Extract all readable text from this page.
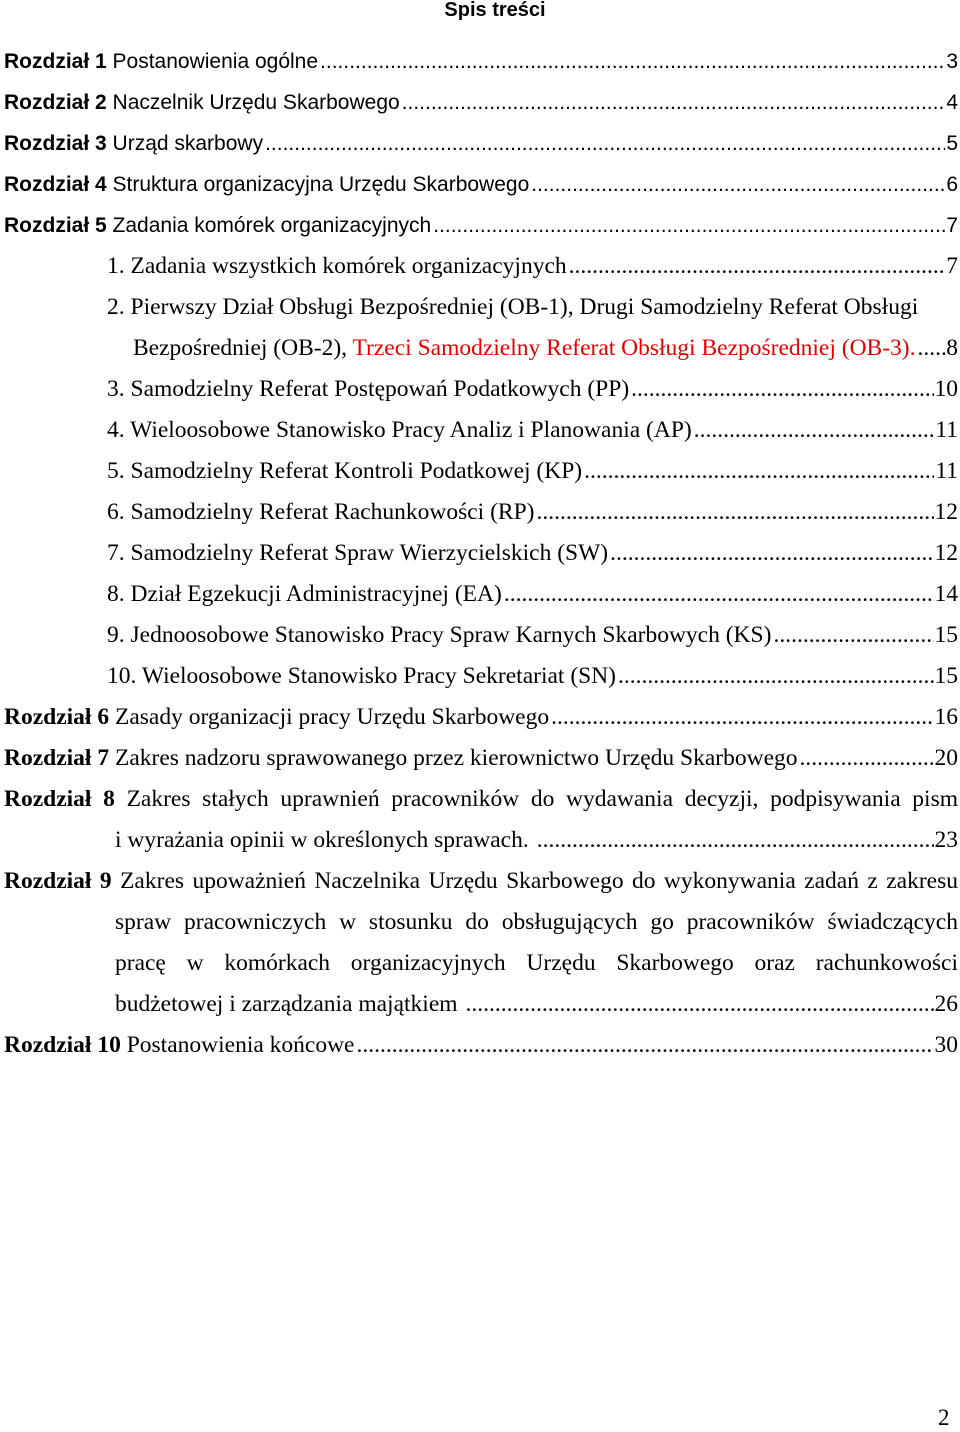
Spis treści
Rozdział 1 Postanowienia ogólne .....	3
Rozdział 2 Naczelnik Urzędu Skarbowego .....	4
Rozdział 3 Urząd skarbowy .....	5
Rozdział 4 Struktura organizacyjna Urzędu Skarbowego .....	6
Rozdział 5 Zadania komórek organizacyjnych .....	7
1. Zadania wszystkich komórek organizacyjnych .....	7
2. Pierwszy Dział Obsługi Bezpośredniej (OB-1), Drugi Samodzielny Referat Obsługi
Bezpośredniej (OB-2), Trzeci Samodzielny Referat Obsługi Bezpośredniej (OB-3). ..... 8
3. Samodzielny Referat Postępowań Podatkowych (PP) .....	10
4. Wieloosobowe Stanowisko Pracy Analiz i Planowania (AP) .....	11
5. Samodzielny Referat Kontroli Podatkowej (KP) .....	11
6. Samodzielny Referat Rachunkowości (RP) .....	12
7. Samodzielny Referat Spraw Wierzycielskich (SW) .....	12
8. Dział Egzekucji Administracyjnej (EA) .....	14
9. Jednoosobowe Stanowisko Pracy Spraw Karnych Skarbowych (KS) .....	15
10. Wieloosobowe Stanowisko Pracy Sekretariat (SN) .....	15
Rozdział 6 Zasady organizacji pracy Urzędu Skarbowego .....	16
Rozdział 7 Zakres nadzoru sprawowanego przez kierownictwo Urzędu Skarbowego .....	20
Rozdział 8 Zakres stałych uprawnień pracowników do wydawania decyzji, podpisywania pism
i wyrażania opinii w określonych sprawach. .....	23
Rozdział 9 Zakres upoważnień Naczelnika Urzędu Skarbowego do wykonywania zadań z zakresu
spraw pracowniczych w stosunku do obsługujących go pracowników świadczących
pracę w komórkach organizacyjnych Urzędu Skarbowego oraz rachunkowości
budżetowej i zarządzania majątkiem .....	26
Rozdział 10 Postanowienia końcowe .....	30
2
